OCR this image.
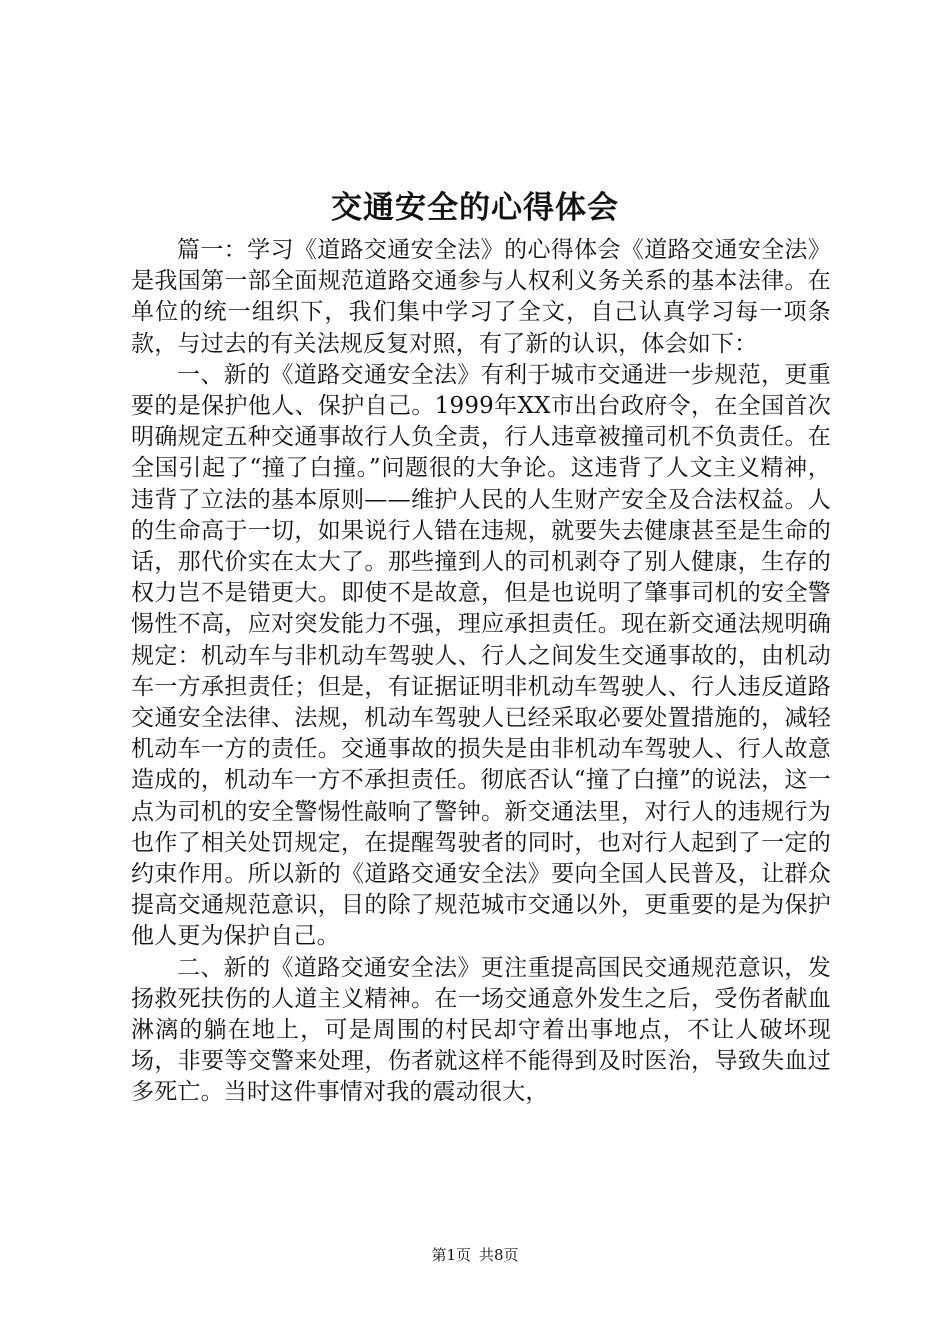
交通安全的心得体会

篇一：学习《道路交通安全法》的心得体会《道路交通安全法》是我国第一部全面规范道路交通参与人权利义务关系的基本法律。在单位的统一组织下，我们集中学习了全文，自己认真学习每一项条款，与过去的有关法规反复对照，有了新的认识，体会如下：

一、新的《道路交通安全法》有利于城市交通进一步规范，更重要的是保护他人、保护自己。1999年XX市出台政府令，在全国首次明确规定五种交通事故行人负全责，行人违章被撞司机不负责任。在全国引起了“撞了白撞。”问题很的大争论。这违背了人文主义精神，违背了立法的基本原则——维护人民的人生财产安全及合法权益。人的生命高于一切，如果说行人错在违规，就要失去健康甚至是生命的话，那代价实在太大了。那些撞到人的司机剥夺了别人健康，生存的权力岂不是错更大。即使不是故意，但是也说明了肇事司机的安全警惕性不高，应对突发能力不强，理应承担责任。现在新交通法规明确规定：机动车与非机动车驾驶人、行人之间发生交通事故的，由机动车一方承担责任；但是，有证据证明非机动车驾驶人、行人违反道路交通安全法律、法规，机动车驾驶人已经采取必要处置措施的，减轻机动车一方的责任。交通事故的损失是由非机动车驾驶人、行人故意造成的，机动车一方不承担责任。彻底否认“撞了白撞”的说法，这一点为司机的安全警惕性敲响了警钟。新交通法里，对行人的违规行为也作了相关处罚规定，在提醒驾驶者的同时，也对行人起到了一定的约束作用。所以新的《道路交通安全法》要向全国人民普及，让群众提高交通规范意识，目的除了规范城市交通以外，更重要的是为保护他人更为保护自己。

二、新的《道路交通安全法》更注重提高国民交通规范意识，发扬救死扶伤的人道主义精神。在一场交通意外发生之后，受伤者献血淋漓的躺在地上，可是周围的村民却守着出事地点，不让人破坏现场，非要等交警来处理，伤者就这样不能得到及时医治，导致失血过多死亡。当时这件事情对我的震动很大，

第1页 共8页
